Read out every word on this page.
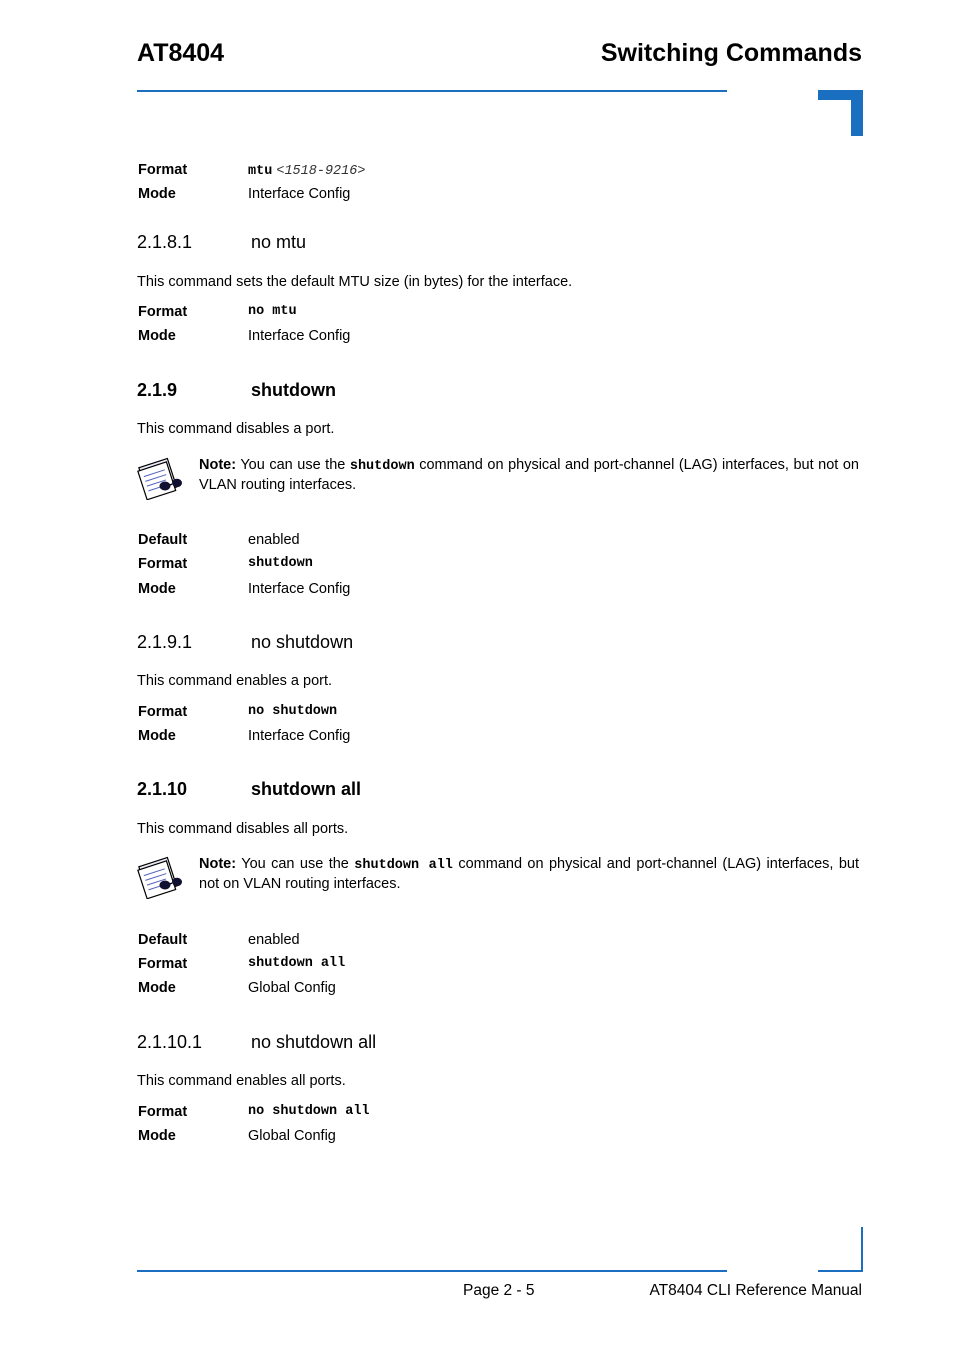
AT8404	Switching Commands
Format	mtu <1518-9216>
Mode	Interface Config
2.1.8.1	no mtu
This command sets the default MTU size (in bytes) for the interface.
Format	no mtu
Mode	Interface Config
2.1.9	shutdown
This command disables a port.
Note: You can use the shutdown command on physical and port-channel (LAG) interfaces, but not on VLAN routing interfaces.
Default	enabled
Format	shutdown
Mode	Interface Config
2.1.9.1	no shutdown
This command enables a port.
Format	no shutdown
Mode	Interface Config
2.1.10	shutdown all
This command disables all ports.
Note: You can use the shutdown all command on physical and port-channel (LAG) interfaces, but not on VLAN routing interfaces.
Default	enabled
Format	shutdown all
Mode	Global Config
2.1.10.1	no shutdown all
This command enables all ports.
Format	no shutdown all
Mode	Global Config
Page 2 - 5	AT8404 CLI Reference Manual
